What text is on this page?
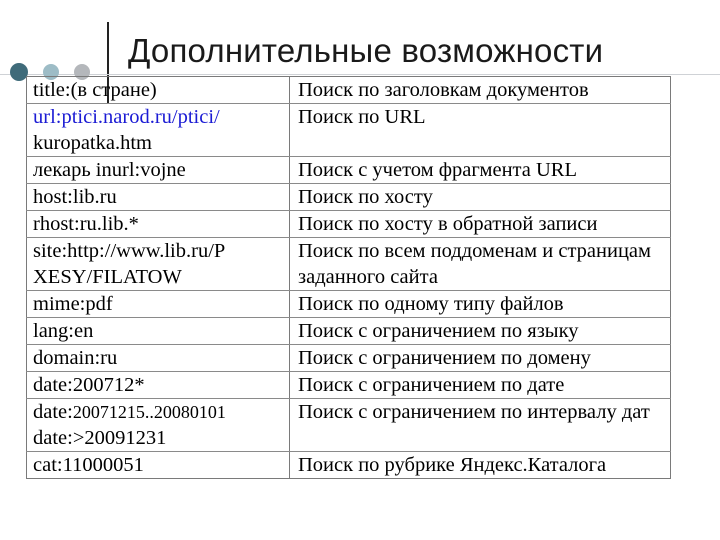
Дополнительные возможности
title:(в стране)	Поиск по заголовкам документов

url:ptici.narod.ru/ptici/
kuropatka.htm	Поиск по URL

лекарь inurl:vojne	Поиск с учетом фрагмента URL

host:lib.ru	Поиск по хосту

rhost:ru.lib.*	Поиск по хосту в обратной записи

site:http://www.lib.ru/P
XESY/FILATOW	Поиск по всем поддоменам и страницам заданного сайта

mime:pdf	Поиск по одному типу файлов

lang:en	Поиск с ограничением по языку

domain:ru	Поиск с ограничением по домену

date:200712*	Поиск с ограничением по дате

date:20071215..20080101
date:>20091231	Поиск с ограничением по интервалу дат

cat:11000051	Поиск по рубрике Яндекс.Каталога
